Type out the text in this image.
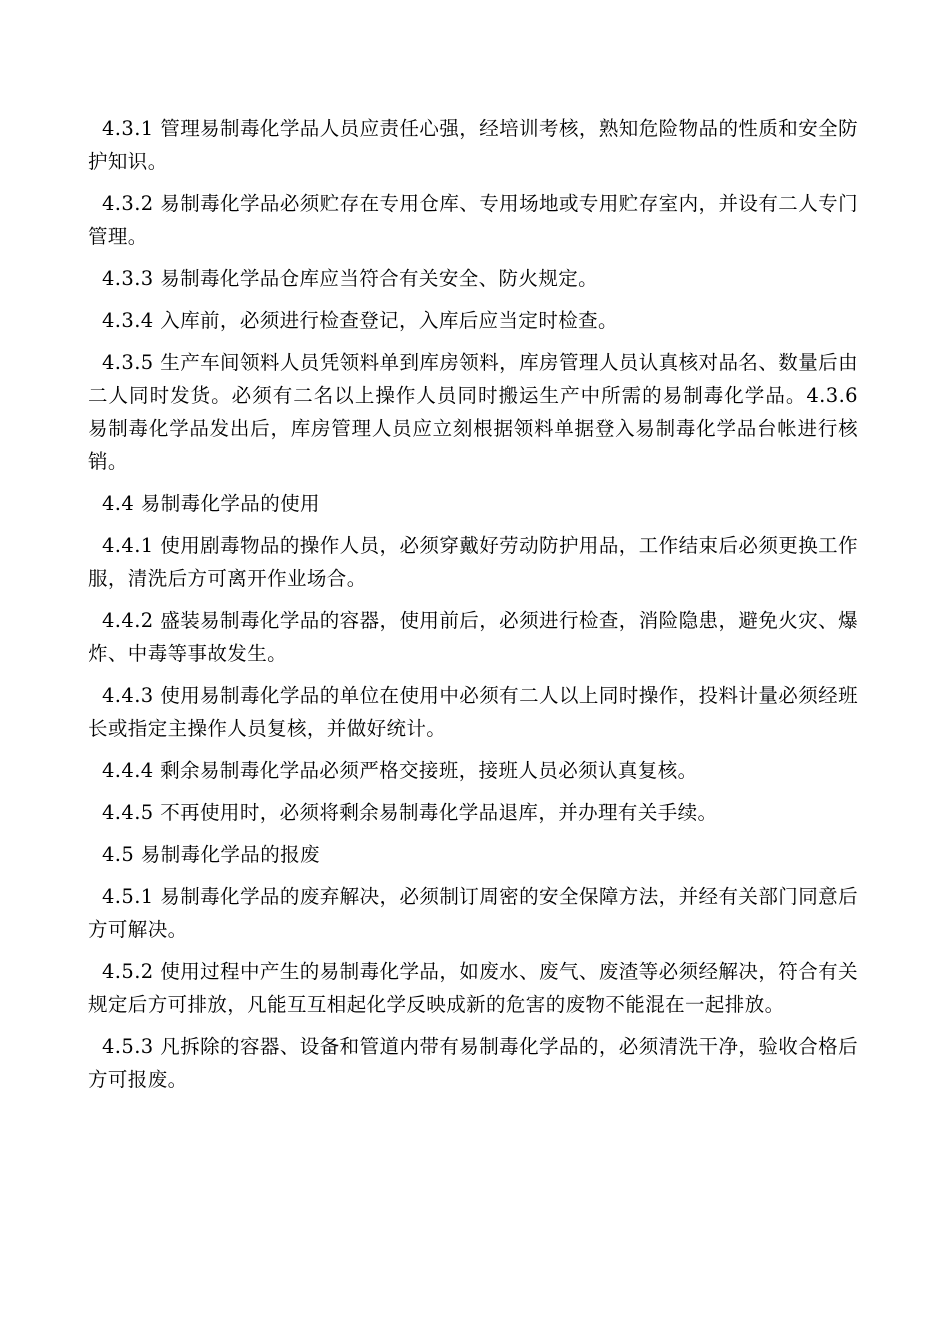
4.3.1 管理易制毒化学品人员应责任心强，经培训考核，熟知危险物品的性质和安全防护知识。

4.3.2 易制毒化学品必须贮存在专用仓库、专用场地或专用贮存室内，并设有二人专门管理。

4.3.3 易制毒化学品仓库应当符合有关安全、防火规定。

4.3.4 入库前，必须进行检查登记，入库后应当定时检查。

4.3.5 生产车间领料人员凭领料单到库房领料，库房管理人员认真核对品名、数量后由二人同时发货。必须有二名以上操作人员同时搬运生产中所需的易制毒化学品。4.3.6 易制毒化学品发出后，库房管理人员应立刻根据领料单据登入易制毒化学品台帐进行核销。

4.4 易制毒化学品的使用

4.4.1 使用剧毒物品的操作人员，必须穿戴好劳动防护用品，工作结束后必须更换工作服，清洗后方可离开作业场合。

4.4.2 盛装易制毒化学品的容器，使用前后，必须进行检查，消险隐患，避免火灾、爆炸、中毒等事故发生。

4.4.3 使用易制毒化学品的单位在使用中必须有二人以上同时操作，投料计量必须经班长或指定主操作人员复核，并做好统计。

4.4.4 剩余易制毒化学品必须严格交接班，接班人员必须认真复核。

4.4.5 不再使用时，必须将剩余易制毒化学品退库，并办理有关手续。

4.5 易制毒化学品的报废

4.5.1 易制毒化学品的废弃解决，必须制订周密的安全保障方法，并经有关部门同意后方可解决。

4.5.2 使用过程中产生的易制毒化学品，如废水、废气、废渣等必须经解决，符合有关规定后方可排放，凡能互互相起化学反映成新的危害的废物不能混在一起排放。

4.5.3 凡拆除的容器、设备和管道内带有易制毒化学品的，必须清洗干净，验收合格后方可报废。
